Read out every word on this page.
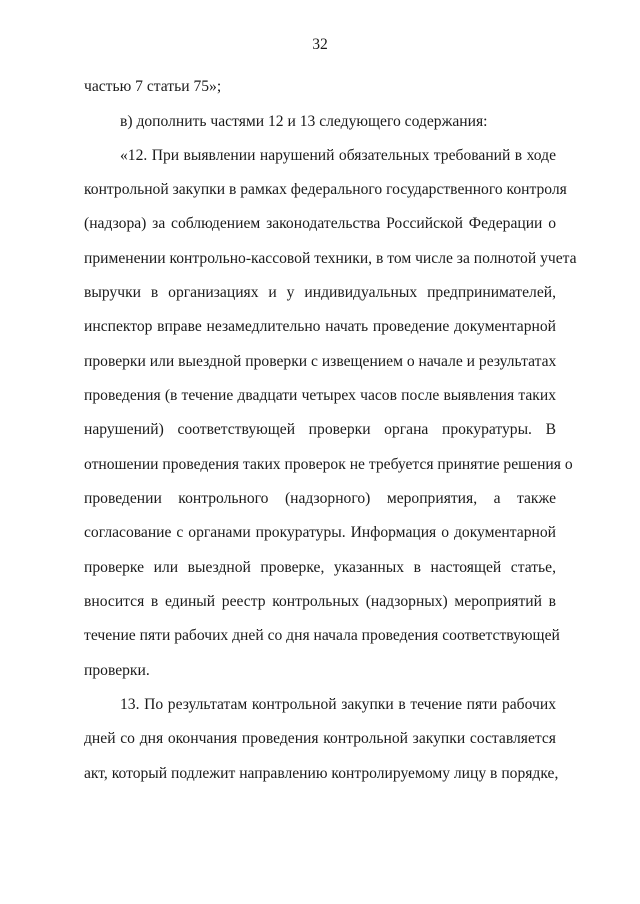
32
частью 7 статьи 75»;
в) дополнить частями 12 и 13 следующего содержания:
«12. При выявлении нарушений обязательных требований в ходе
контрольной закупки в рамках федерального государственного контроля
(надзора) за соблюдением законодательства Российской Федерации о
применении контрольно-кассовой техники, в том числе за полнотой учета
выручки в организациях и у индивидуальных предпринимателей,
инспектор вправе незамедлительно начать проведение документарной
проверки или выездной проверки с извещением о начале и результатах
проведения (в течение двадцати четырех часов после выявления таких
нарушений) соответствующей проверки органа прокуратуры. В
отношении проведения таких проверок не требуется принятие решения о
проведении контрольного (надзорного) мероприятия, а также
согласование с органами прокуратуры. Информация о документарной
проверке или выездной проверке, указанных в настоящей статье,
вносится в единый реестр контрольных (надзорных) мероприятий в
течение пяти рабочих дней со дня начала проведения соответствующей
проверки.
13. По результатам контрольной закупки в течение пяти рабочих
дней со дня окончания проведения контрольной закупки составляется
акт, который подлежит направлению контролируемому лицу в порядке,
